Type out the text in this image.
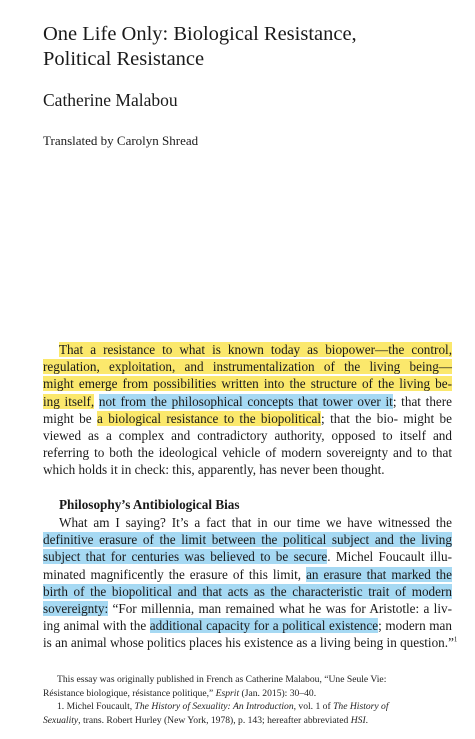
One Life Only: Biological Resistance,
Political Resistance

Catherine Malabou

Translated by Carolyn Shread

That a resistance to what is known today as biopower—the control,
regulation, exploitation, and instrumentalization of the living being—
might emerge from possibilities written into the structure of the living be-
ing itself, not from the philosophical concepts that tower over it; that there
might be a biological resistance to the biopolitical; that the bio- might be
viewed as a complex and contradictory authority, opposed to itself and
referring to both the ideological vehicle of modern sovereignty and to that
which holds it in check: this, apparently, has never been thought.
Philosophy’s Antibiological Bias
What am I saying? It’s a fact that in our time we have witnessed the
definitive erasure of the limit between the political subject and the living
subject that for centuries was believed to be secure. Michel Foucault illu-
minated magnificently the erasure of this limit, an erasure that marked the
birth of the biopolitical and that acts as the characteristic trait of modern
sovereignty: “For millennia, man remained what he was for Aristotle: a liv-
ing animal with the additional capacity for a political existence; modern man
is an animal whose politics places his existence as a living being in question.”$^1$
This essay was originally published in French as Catherine Malabou, “Une Seule Vie:
Résistance biologique, résistance politique,” Esprit (Jan. 2015): 30–40.
1. Michel Foucault, The History of Sexuality: An Introduction, vol. 1 of The History of
Sexuality, trans. Robert Hurley (New York, 1978), p. 143; hereafter abbreviated HSI.
